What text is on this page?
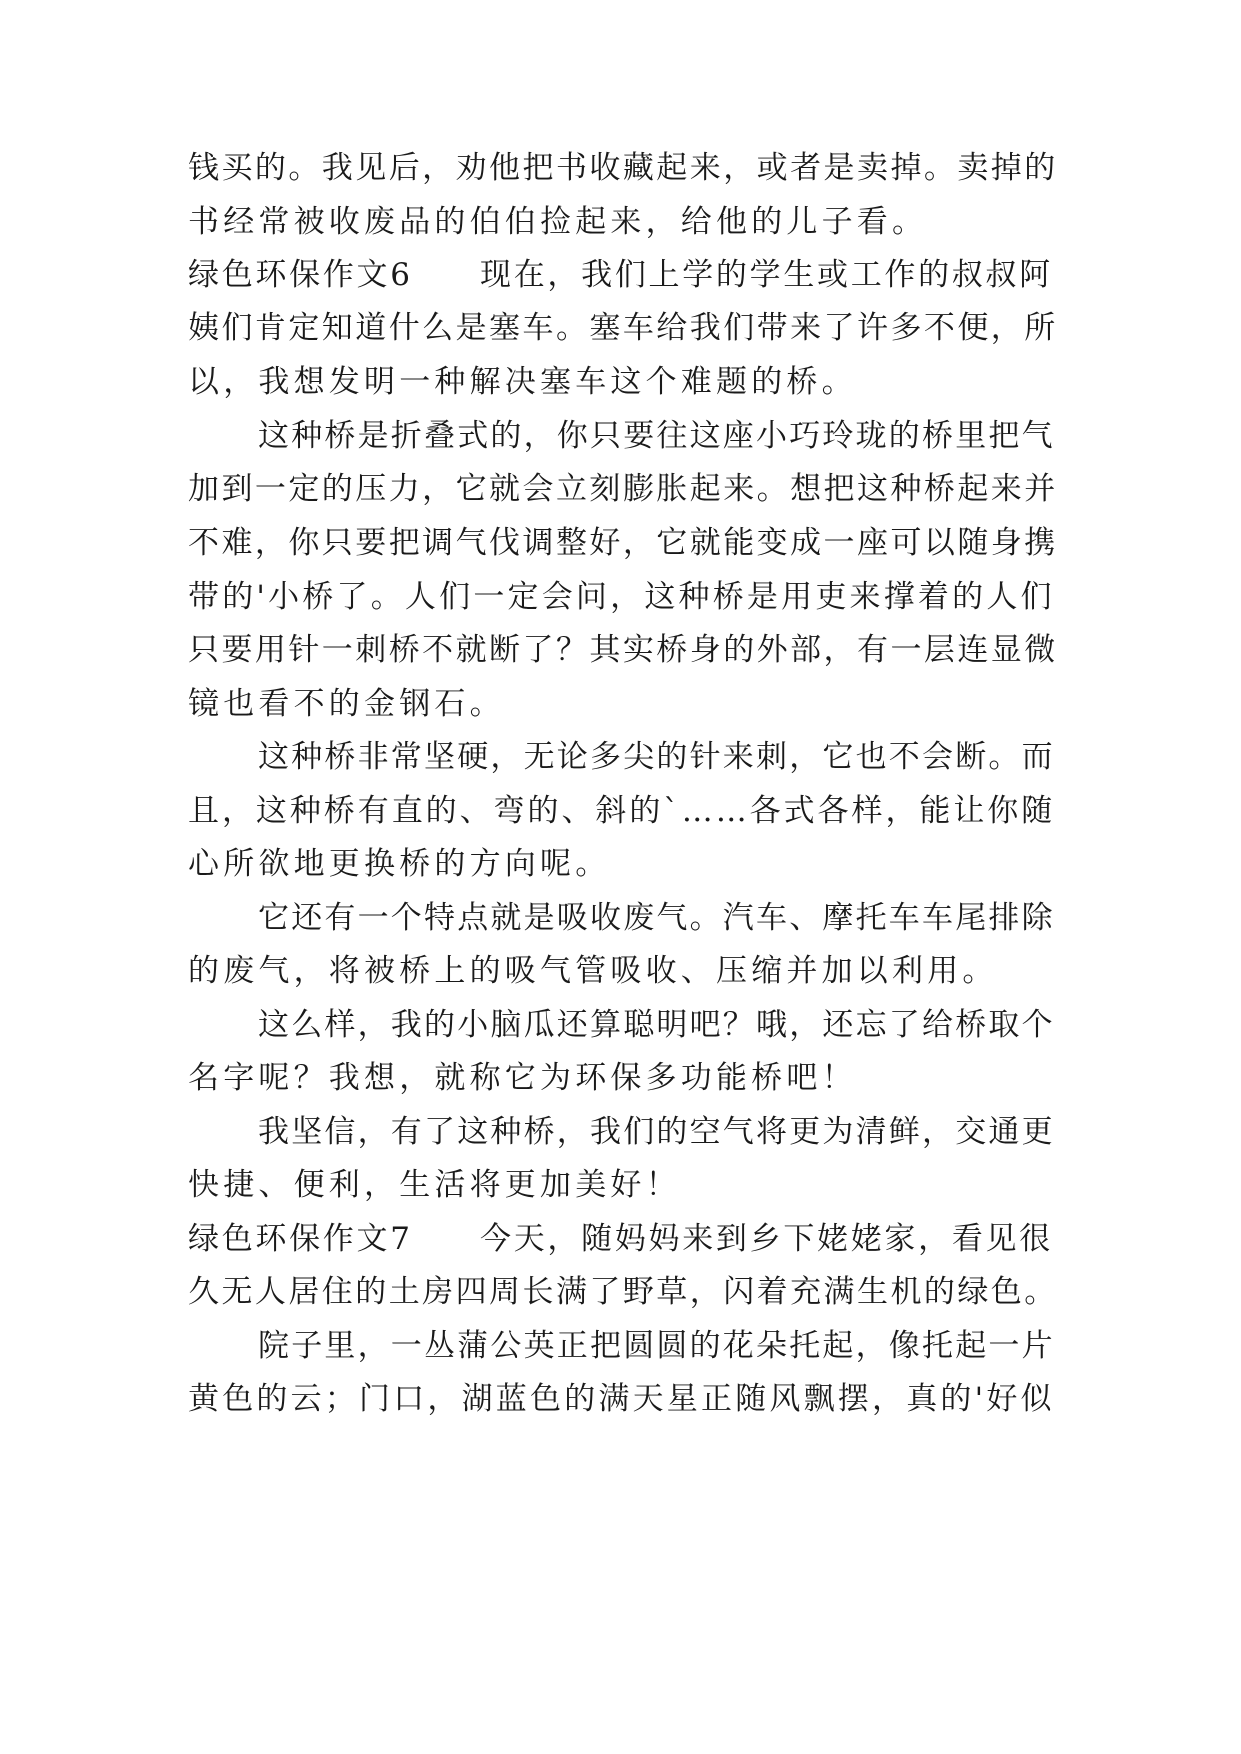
钱买的。我见后，劝他把书收藏起来，或者是卖掉。卖掉的
书经常被收废品的伯伯捡起来，给他的儿子看。
绿色环保作文6　　现在，我们上学的学生或工作的叔叔阿
姨们肯定知道什么是塞车。塞车给我们带来了许多不便，所
以，我想发明一种解决塞车这个难题的桥。
这种桥是折叠式的，你只要往这座小巧玲珑的桥里把气
加到一定的压力，它就会立刻膨胀起来。想把这种桥起来并
不难，你只要把调气伐调整好，它就能变成一座可以随身携
带的'小桥了。人们一定会问，这种桥是用吏来撑着的人们
只要用针一刺桥不就断了？其实桥身的外部，有一层连显微
镜也看不的金钢石。
这种桥非常坚硬，无论多尖的针来刺，它也不会断。而
且，这种桥有直的、弯的、斜的`……各式各样，能让你随
心所欲地更换桥的方向呢。
它还有一个特点就是吸收废气。汽车、摩托车车尾排除
的废气，将被桥上的吸气管吸收、压缩并加以利用。
这么样，我的小脑瓜还算聪明吧？哦，还忘了给桥取个
名字呢？我想，就称它为环保多功能桥吧！
我坚信，有了这种桥，我们的空气将更为清鲜，交通更
快捷、便利，生活将更加美好！
绿色环保作文7　　今天，随妈妈来到乡下姥姥家，看见很
久无人居住的土房四周长满了野草，闪着充满生机的绿色。
院子里，一丛蒲公英正把圆圆的花朵托起，像托起一片
黄色的云；门口，湖蓝色的满天星正随风飘摆，真的'好似
